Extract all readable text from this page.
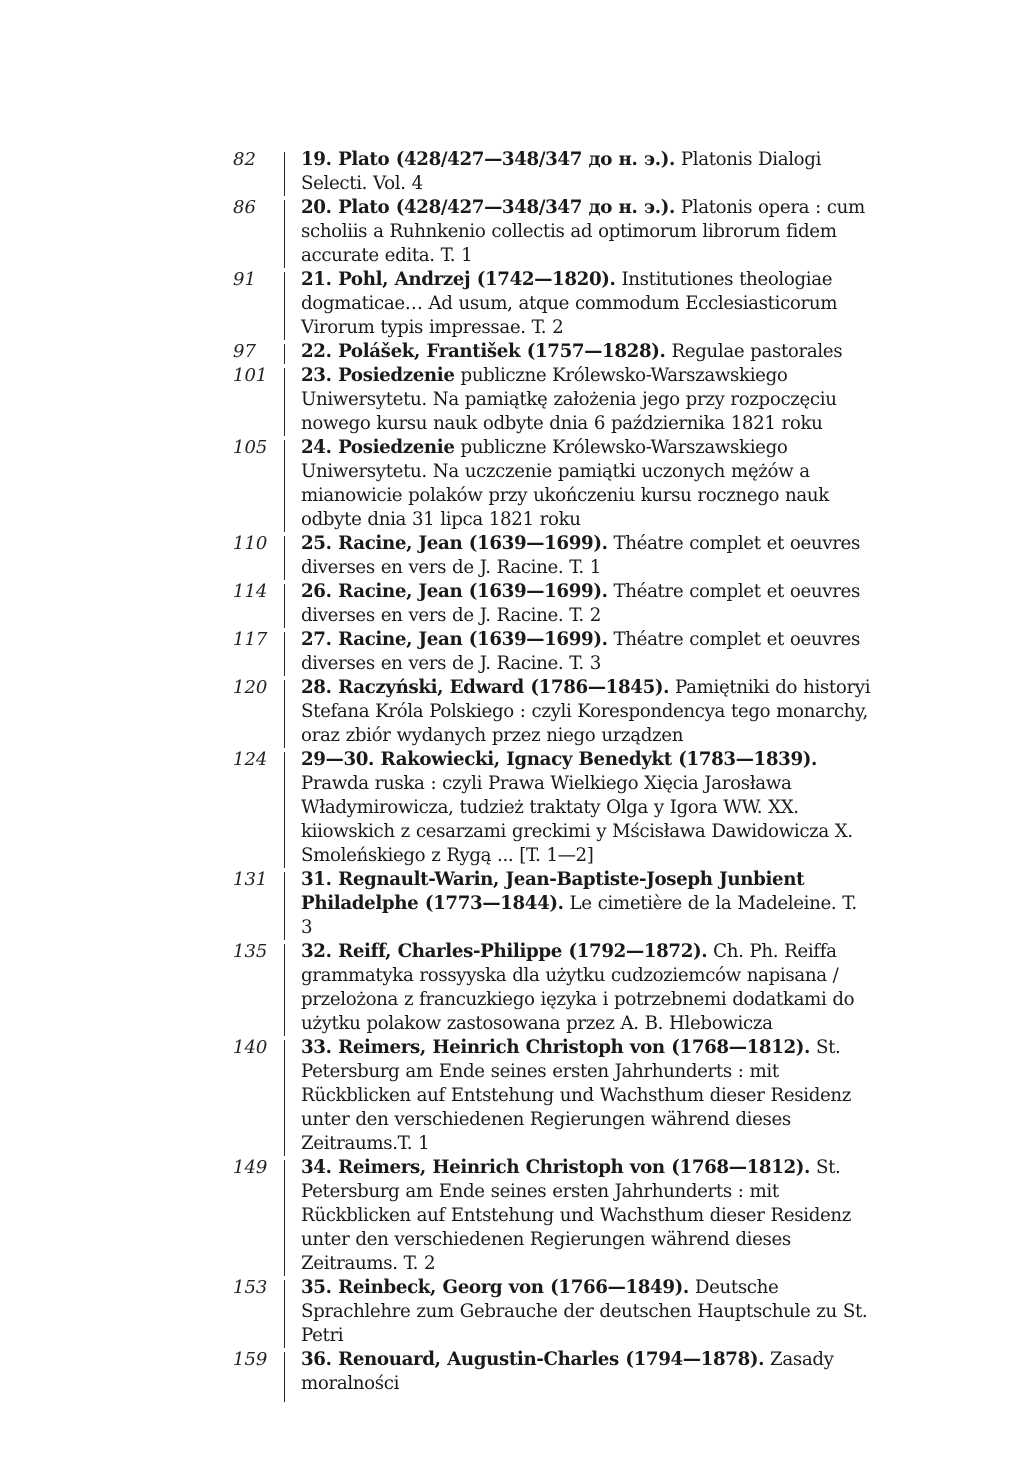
82	19. Plato (428/427—348/347 до н. э.). Platonis Dialogi Selecti. Vol. 4
86	20. Plato (428/427—348/347 до н. э.). Platonis opera : cum scholiis a Ruhnkenio collectis ad optimorum librorum fidem accurate edita. T. 1
91	21. Pohl, Andrzej (1742—1820). Institutiones theologiae dogmaticae… Ad usum, atque commodum Ecclesiasticorum Virorum typis impressae. T. 2
97	22. Polášek, František (1757—1828). Regulae pastorales
101	23. Posiedzenie publiczne Królewsko-Warszawskiego Uniwersytetu. Na pamiątkę założenia jego przy rozpoczęciu nowego kursu nauk odbyte dnia 6 października 1821 roku
105	24. Posiedzenie publiczne Królewsko-Warszawskiego Uniwersytetu. Na uczczenie pamiątki uczonych mężów a mianowicie polaków przy ukończeniu kursu rocznego nauk odbyte dnia 31 lipca 1821 roku
110	25. Racine, Jean (1639—1699). Théatre complet et oeuvres diverses en vers de J. Racine. T. 1
114	26. Racine, Jean (1639—1699). Théatre complet et oeuvres diverses en vers de J. Racine. T. 2
117	27. Racine, Jean (1639—1699). Théatre complet et oeuvres diverses en vers de J. Racine. T. 3
120	28. Raczyński, Edward (1786—1845). Pamiętniki do historyi Stefana Króla Polskiego : czyli Korespondencya tego monarchy, oraz zbiór wydanych przez niego urządzen
124	29—30. Rakowiecki, Ignacy Benedykt (1783—1839). Prawda ruska : czyli Prawa Wielkiego Xięcia Jarosława Władymirowicza, tudzież traktaty Olga y Igora WW. XX. kiiowskich z cesarzami greckimi y Mścisława Dawidowicza X. Smoleńskiego z Rygą ... [T. 1—2]
131	31. Regnault-Warin, Jean-Baptiste-Joseph Junbient Philadelphe (1773—1844). Le cimetière de la Madeleine. T. 3
135	32. Reiff, Charles-Philippe (1792—1872). Ch. Ph. Reiffa grammatyka rossyyska dla użytku cudzoziemców napisana / przelożona z francuzkiego ięzyka i potrzebnemi dodatkami do użytku polakow zastosowana przez A. B. Hlebowicza
140	33. Reimers, Heinrich Christoph von (1768—1812). St. Petersburg am Ende seines ersten Jahrhunderts : mit Rückblicken auf Entstehung und Wachsthum dieser Residenz unter den verschiedenen Regierungen während dieses Zeitraums.T. 1
149	34. Reimers, Heinrich Christoph von (1768—1812). St. Petersburg am Ende seines ersten Jahrhunderts : mit Rückblicken auf Entstehung und Wachsthum dieser Residenz unter den verschiedenen Regierungen während dieses Zeitraums. T. 2
153	35. Reinbeck, Georg von (1766—1849). Deutsche Sprachlehre zum Gebrauche der deutschen Hauptschule zu St. Petri
159	36. Renouard, Augustin-Charles (1794—1878). Zasady moralności
